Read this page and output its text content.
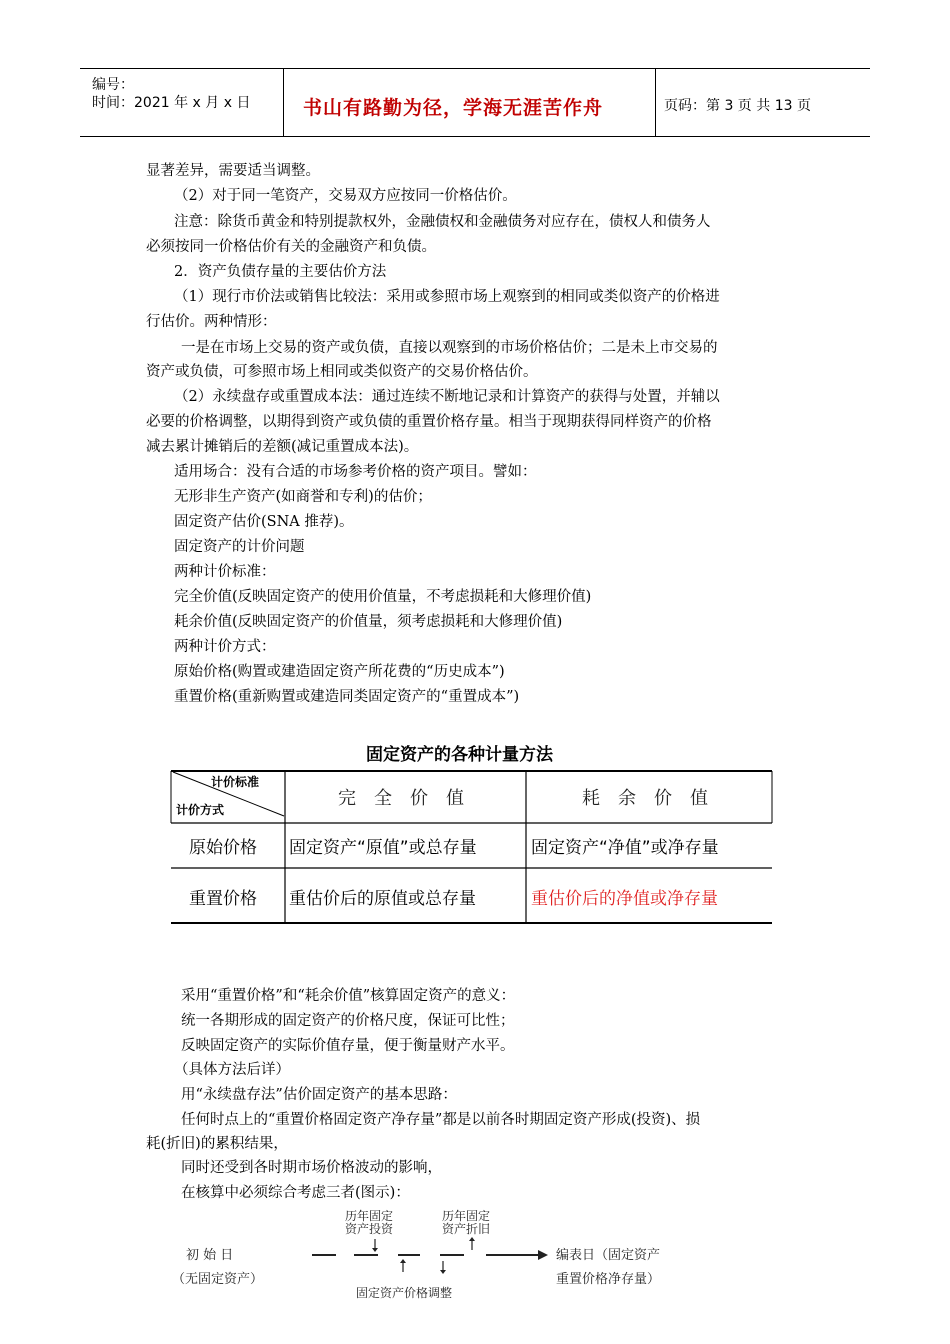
编号：
时间：2021 年 x 月 x 日	书山有路勤为径，学海无涯苦作舟	页码：第 3 页 共 13 页
显著差异，需要适当调整。
（2）对于同一笔资产，交易双方应按同一价格估价。
注意：除货币黄金和特别提款权外，金融债权和金融债务对应存在，债权人和债务人
必须按同一价格估价有关的金融资产和负债。
2．资产负债存量的主要估价方法
（1）现行市价法或销售比较法：采用或参照市场上观察到的相同或类似资产的价格进
行估价。两种情形：
一是在市场上交易的资产或负债，直接以观察到的市场价格估价；二是未上市交易的
资产或负债，可参照市场上相同或类似资产的交易价格估价。
（2）永续盘存或重置成本法：通过连续不断地记录和计算资产的获得与处置，并辅以
必要的价格调整，以期得到资产或负债的重置价格存量。相当于现期获得同样资产的价格
减去累计摊销后的差额(减记重置成本法)。
适用场合：没有合适的市场参考价格的资产项目。譬如：
无形非生产资产(如商誉和专利)的估价；
固定资产估价(SNA 推荐)。
固定资产的计价问题
两种计价标准：
完全价值(反映固定资产的使用价值量，不考虑损耗和大修理价值)
耗余价值(反映固定资产的价值量，须考虑损耗和大修理价值)
两种计价方式：
原始价格(购置或建造固定资产所花费的“历史成本”)
重置价格(重新购置或建造同类固定资产的“重置成本”)
固定资产的各种计量方法
计价标准
计价方式
完全价值	耗余价值
原始价格 固定资产“原值”或总存量	固定资产“净值”或净存量
重置价格 重估价后的原值或总存量	重估价后的净值或净存量
采用“重置价格”和“耗余价值”核算固定资产的意义：
统一各期形成的固定资产的价格尺度，保证可比性；
反映固定资产的实际价值存量，便于衡量财产水平。
（具体方法后详）
用“永续盘存法”估价固定资产的基本思路：
任何时点上的“重置价格固定资产净存量”都是以前各时期固定资产形成(投资)、损
耗(折旧)的累积结果，
同时还受到各时期市场价格波动的影响，
在核算中必须综合考虑三者(图示)：
初 始 日
（无固定资产）
历年固定
资产投资
历年固定
资产折旧
固定资产价格调整
编表日（固定资产
重置价格净存量）
